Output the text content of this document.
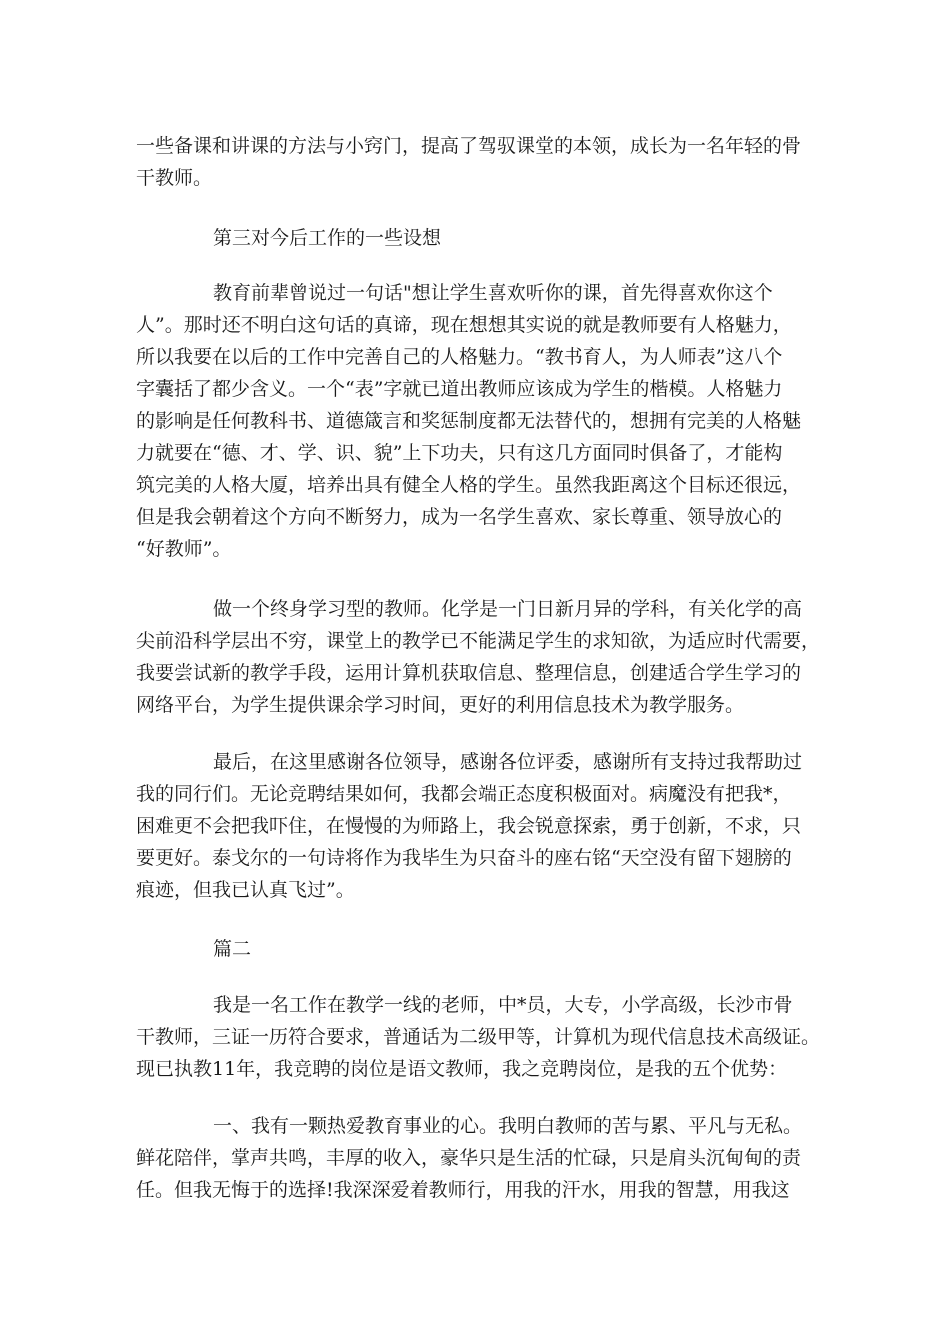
一些备课和讲课的方法与小窍门，提高了驾驭课堂的本领，成长为一名年轻的骨
干教师。
第三对今后工作的一些设想
教育前辈曾说过一句话"想让学生喜欢听你的课，首先得喜欢你这个
人”。那时还不明白这句话的真谛，现在想想其实说的就是教师要有人格魅力，
所以我要在以后的工作中完善自己的人格魅力。“教书育人，为人师表”这八个
字囊括了都少含义。一个“表”字就已道出教师应该成为学生的楷模。人格魅力
的影响是任何教科书、道德箴言和奖惩制度都无法替代的，想拥有完美的人格魅
力就要在“德、才、学、识、貌”上下功夫，只有这几方面同时俱备了，才能构
筑完美的人格大厦，培养出具有健全人格的学生。虽然我距离这个目标还很远，
但是我会朝着这个方向不断努力，成为一名学生喜欢、家长尊重、领导放心的
“好教师”。
做一个终身学习型的教师。化学是一门日新月异的学科，有关化学的高
尖前沿科学层出不穷，课堂上的教学已不能满足学生的求知欲，为适应时代需要，
我要尝试新的教学手段，运用计算机获取信息、整理信息，创建适合学生学习的
网络平台，为学生提供课余学习时间，更好的利用信息技术为教学服务。
最后，在这里感谢各位领导，感谢各位评委，感谢所有支持过我帮助过
我的同行们。无论竞聘结果如何，我都会端正态度积极面对。病魔没有把我*，
困难更不会把我吓住，在慢慢的为师路上，我会锐意探索，勇于创新，不求，只
要更好。泰戈尔的一句诗将作为我毕生为只奋斗的座右铭“天空没有留下翅膀的
痕迹，但我已认真飞过”。
篇二
我是一名工作在教学一线的老师，中*员，大专，小学高级，长沙市骨
干教师，三证一历符合要求，普通话为二级甲等，计算机为现代信息技术高级证。
现已执教11年，我竞聘的岗位是语文教师，我之竞聘岗位，是我的五个优势：
一、我有一颗热爱教育事业的心。我明白教师的苦与累、平凡与无私。
鲜花陪伴，掌声共鸣，丰厚的收入，豪华只是生活的忙碌，只是肩头沉甸甸的责
任。但我无悔于的选择!我深深爱着教师行，用我的汗水，用我的智慧，用我这
